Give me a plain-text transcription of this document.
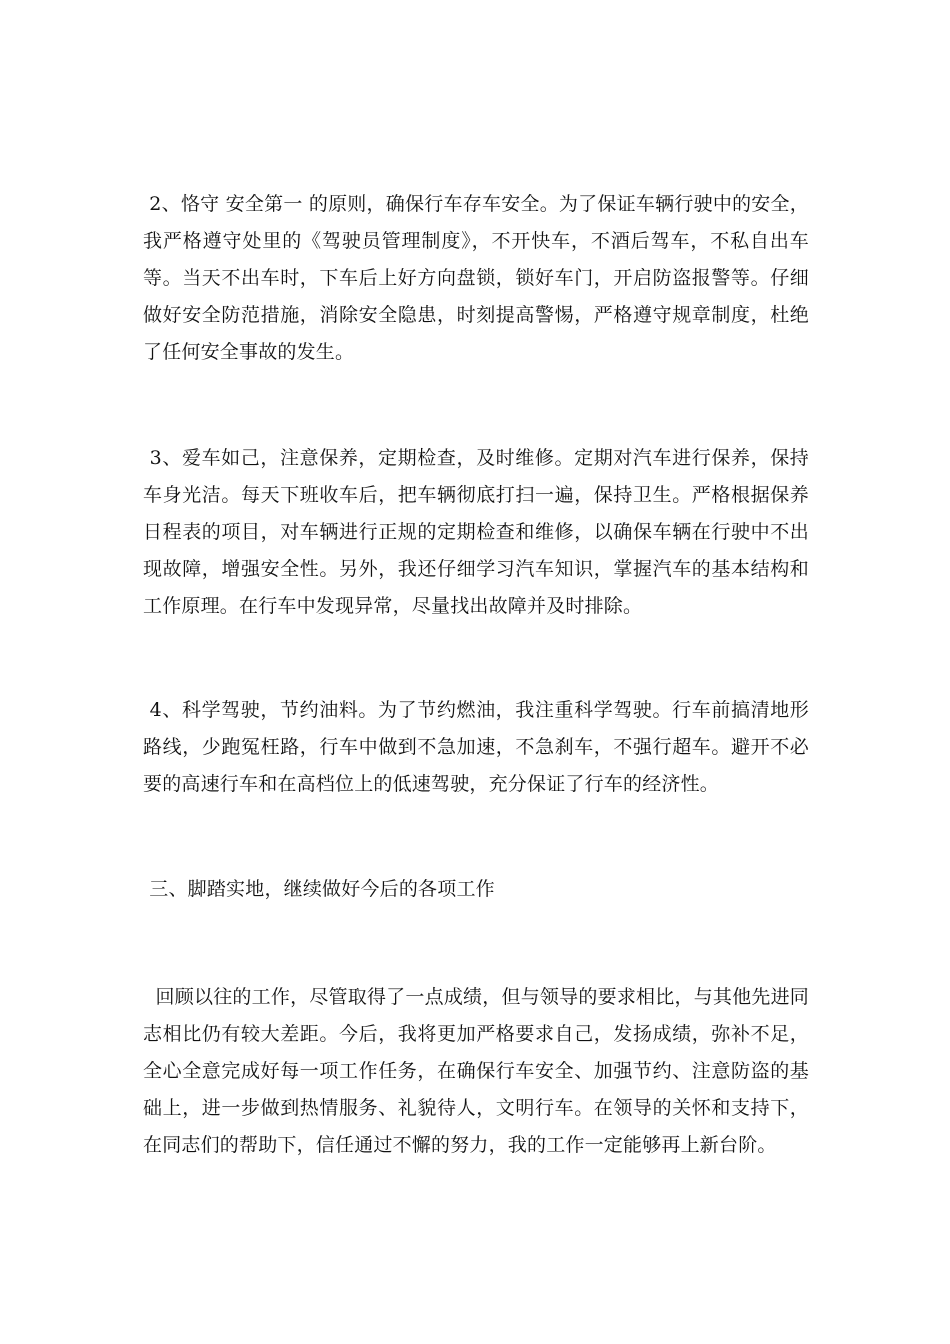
2、恪守 安全第一 的原则，确保行车存车安全。为了保证车辆行驶中的安全，我严格遵守处里的《驾驶员管理制度》，不开快车，不酒后驾车，不私自出车等。当天不出车时，下车后上好方向盘锁，锁好车门，开启防盗报警等。仔细做好安全防范措施，消除安全隐患，时刻提高警惕，严格遵守规章制度，杜绝了任何安全事故的发生。

3、爱车如己，注意保养，定期检查，及时维修。定期对汽车进行保养，保持车身光洁。每天下班收车后，把车辆彻底打扫一遍，保持卫生。严格根据保养日程表的项目，对车辆进行正规的定期检查和维修，以确保车辆在行驶中不出现故障，增强安全性。另外，我还仔细学习汽车知识，掌握汽车的基本结构和工作原理。在行车中发现异常，尽量找出故障并及时排除。

4、科学驾驶，节约油料。为了节约燃油，我注重科学驾驶。行车前搞清地形路线，少跑冤枉路，行车中做到不急加速，不急刹车，不强行超车。避开不必要的高速行车和在高档位上的低速驾驶，充分保证了行车的经济性。

三、脚踏实地，继续做好今后的各项工作

回顾以往的工作，尽管取得了一点成绩，但与领导的要求相比，与其他先进同志相比仍有较大差距。今后，我将更加严格要求自己，发扬成绩，弥补不足，全心全意完成好每一项工作任务，在确保行车安全、加强节约、注意防盗的基础上，进一步做到热情服务、礼貌待人，文明行车。在领导的关怀和支持下，在同志们的帮助下，信任通过不懈的努力，我的工作一定能够再上新台阶。
